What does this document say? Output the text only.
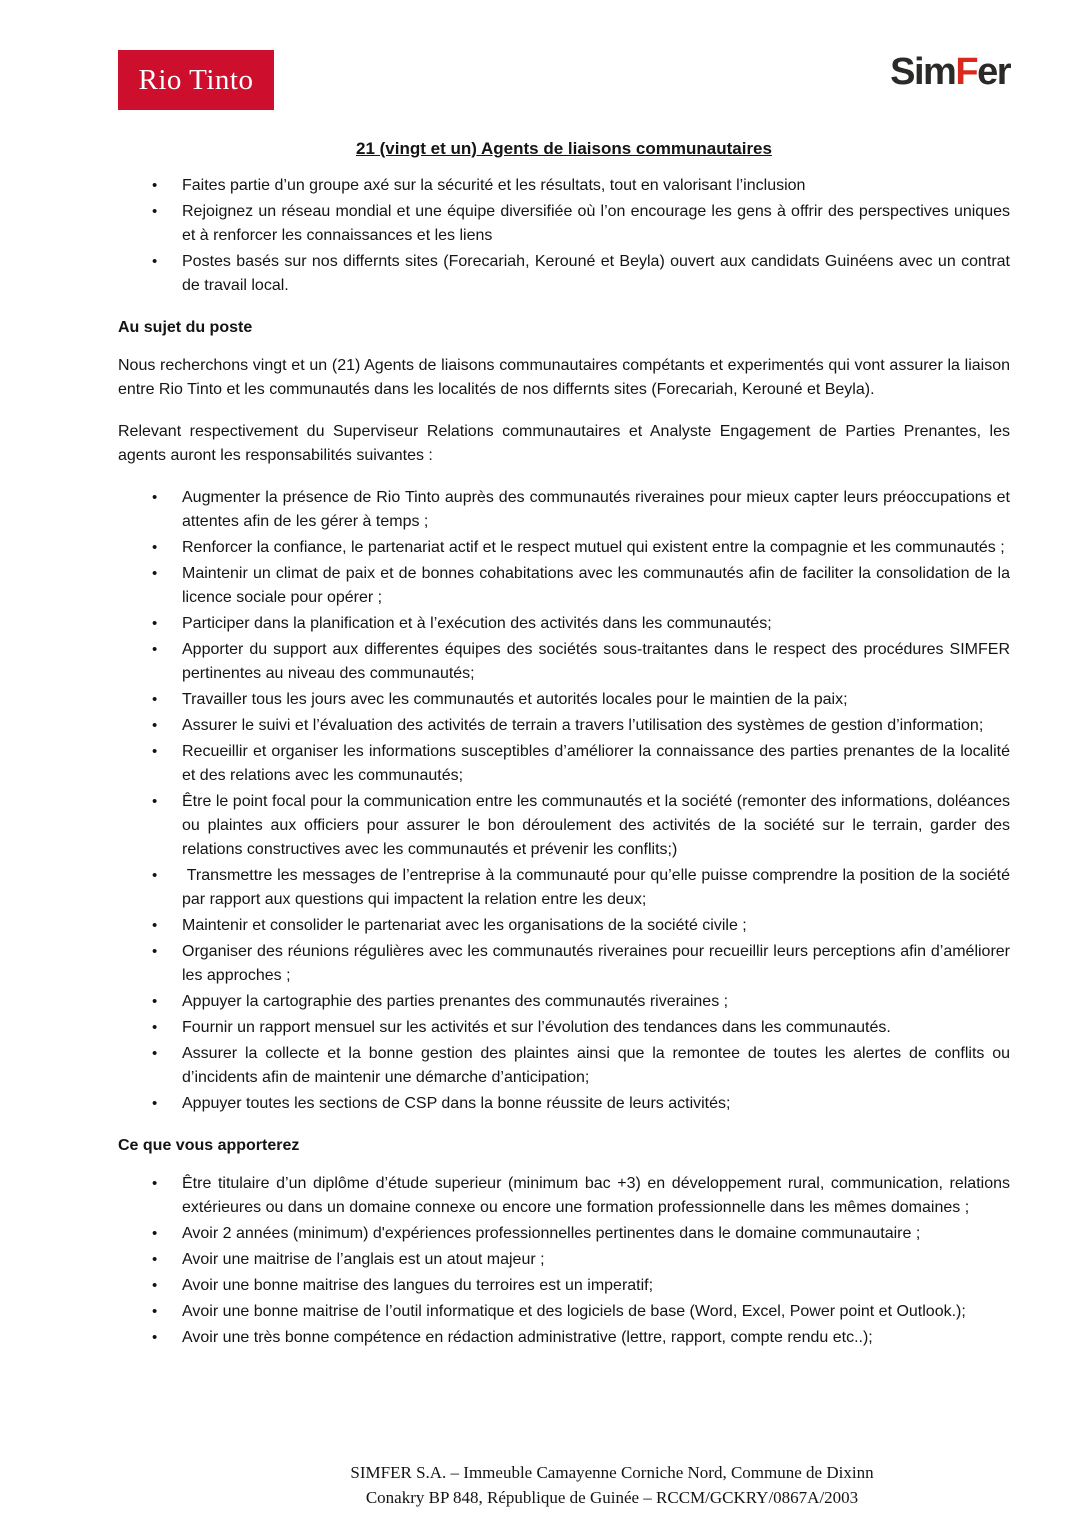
Rio Tinto	SimFer
21 (vingt et un) Agents de liaisons communautaires
• Faites partie d’un groupe axé sur la sécurité et les résultats, tout en valorisant l’inclusion
• Rejoignez un réseau mondial et une équipe diversifiée où l’on encourage les gens à offrir des perspectives uniques et à renforcer les connaissances et les liens
• Postes basés sur nos differnts sites (Forecariah, Kerouné et Beyla) ouvert aux candidats Guinéens avec un contrat de travail local.
Au sujet du poste

Nous recherchons vingt et un (21) Agents de liaisons communautaires compétants et experimentés qui vont assurer la liaison entre Rio Tinto et les communautés dans les localités de nos differnts sites (Forecariah, Kerouné et Beyla).

Relevant respectivement du Superviseur Relations communautaires et Analyste Engagement de Parties Prenantes, les agents auront les responsabilités suivantes :

• Augmenter la présence de Rio Tinto auprès des communautés riveraines pour mieux capter leurs préoccupations et attentes afin de les gérer à temps ;
• Renforcer la confiance, le partenariat actif et le respect mutuel qui existent entre la compagnie et les communautés ;
• Maintenir un climat de paix et de bonnes cohabitations avec les communautés afin de faciliter la consolidation de la licence sociale pour opérer ;
• Participer dans la planification et à l’exécution des activités dans les communautés;
• Apporter du support aux differentes équipes des sociétés sous-traitantes dans le respect des procédures SIMFER pertinentes au niveau des communautés;
• Travailler tous les jours avec les communautés et autorités locales pour le maintien de la paix;
• Assurer le suivi et l’évaluation des activités de terrain a travers l’utilisation des systèmes de gestion d’information;
• Recueillir et organiser les informations susceptibles d’améliorer la connaissance des parties prenantes de la localité et des relations avec les communautés;
• Être le point focal pour la communication entre les communautés et la société (remonter des informations, doléances ou plaintes aux officiers pour assurer le bon déroulement des activités de la société sur le terrain, garder des relations constructives avec les communautés et prévenir les conflits;)
•  Transmettre les messages de l’entreprise à la communauté pour qu’elle puisse comprendre la position de la société par rapport aux questions qui impactent la relation entre les deux;
• Maintenir et consolider le partenariat avec les organisations de la société civile ;
• Organiser des réunions régulières avec les communautés riveraines pour recueillir leurs perceptions afin d’améliorer les approches ;
• Appuyer la cartographie des parties prenantes des communautés riveraines ;
• Fournir un rapport mensuel sur les activités et sur l’évolution des tendances dans les communautés.
• Assurer la collecte et la bonne gestion des plaintes ainsi que la remontee de toutes les alertes de conflits ou d’incidents afin de maintenir une démarche d’anticipation;
• Appuyer toutes les sections de CSP dans la bonne réussite de leurs activités;
Ce que vous apporterez
• Être titulaire d’un diplôme d’étude superieur (minimum bac +3) en développement rural, communication, relations extérieures ou dans un domaine connexe ou encore une formation professionnelle dans les mêmes domaines ;
• Avoir 2 années (minimum) d'expériences professionnelles pertinentes dans le domaine communautaire ;
• Avoir une maitrise de l’anglais est un atout majeur ;
• Avoir une bonne maitrise des langues du terroires est un imperatif;
• Avoir une bonne maitrise de l’outil informatique et des logiciels de base (Word, Excel, Power point et Outlook.);
• Avoir une très bonne compétence en rédaction administrative (lettre, rapport, compte rendu etc..);
SIMFER S.A. – Immeuble Camayenne Corniche Nord, Commune de Dixinn
Conakry BP 848, République de Guinée – RCCM/GCKRY/0867A/2003
